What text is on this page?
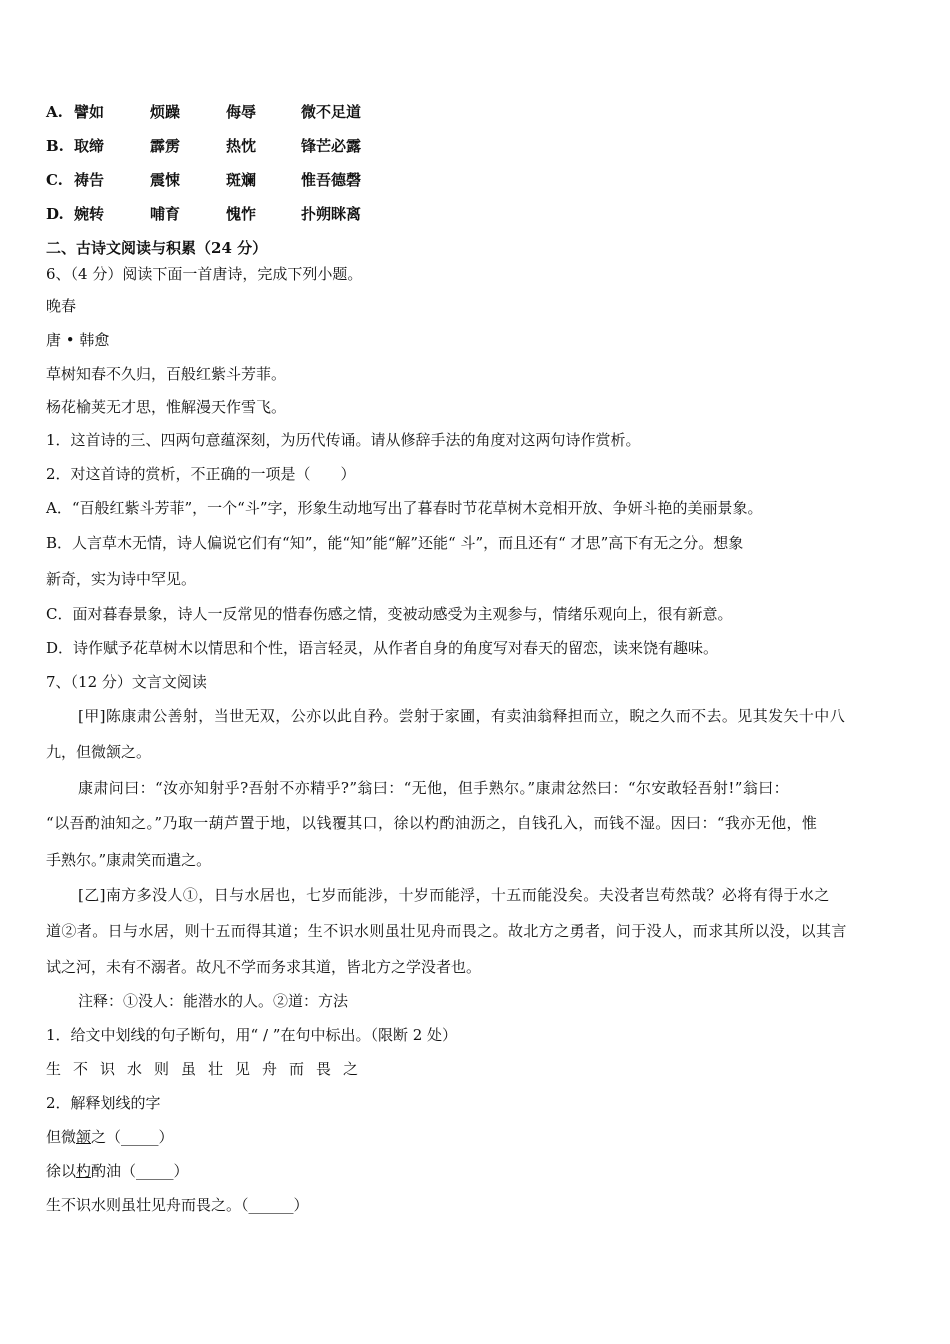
A. 譬如	烦躁	侮辱	微不足道
B. 取缔	霹雳	热忱	锋芒必露
C. 祷告	震悚	斑斓	惟吾德磬
D. 婉转	哺育	愧怍	扑朔眯离
二、古诗文阅读与积累（24 分）
6、（4 分）阅读下面一首唐诗，完成下列小题。
晚春
唐 • 韩愈
草树知春不久归，百般红紫斗芳菲。
杨花榆荚无才思，惟解漫天作雪飞。
1．这首诗的三、四两句意蕴深刻，为历代传诵。请从修辞手法的角度对这两句诗作赏析。
2．对这首诗的赏析，不正确的一项是（　　）
A．“百般红紫斗芳菲”，一个“斗”字，形象生动地写出了暮春时节花草树木竞相开放、争妍斗艳的美丽景象。
B．人言草木无情，诗人偏说它们有“知”，能“知”能“解”还能“ 斗”，而且还有“ 才思”高下有无之分。想象
新奇，实为诗中罕见。
C．面对暮春景象，诗人一反常见的惜春伤感之情，变被动感受为主观参与，情绪乐观向上，很有新意。
D．诗作赋予花草树木以情思和个性，语言轻灵，从作者自身的角度写对春天的留恋，读来饶有趣味。
7、（12 分）文言文阅读
[甲]陈康肃公善射，当世无双，公亦以此自矜。尝射于家圃，有卖油翁释担而立，睨之久而不去。见其发矢十中八
九，但微颔之。
康肃问曰：“汝亦知射乎?吾射不亦精乎?”翁曰：“无他，但手熟尔。”康肃忿然曰：“尔安敢轻吾射!”翁曰：
“以吾酌油知之。”乃取一葫芦置于地，以钱覆其口，徐以杓酌油沥之，自钱孔入，而钱不湿。因曰：“我亦无他，惟
手熟尔。”康肃笑而遣之。
[乙]南方多没人①，日与水居也，七岁而能涉，十岁而能浮，十五而能没矣。夫没者岂苟然哉？必将有得于水之
道②者。日与水居，则十五而得其道；生不识水则虽壮见舟而畏之。故北方之勇者，问于没人，而求其所以没，以其言
试之河，未有不溺者。故凡不学而务求其道，皆北方之学没者也。
注释：①没人：能潜水的人。②道：方法
1．给文中划线的句子断句，用“ / ”在句中标出。（限断 2 处）
生不识水则虽壮见舟而畏之
2．解释划线的字
但微颔之（_____）
徐以杓酌油（_____）
生不识水则虽壮见舟而畏之。（______）
